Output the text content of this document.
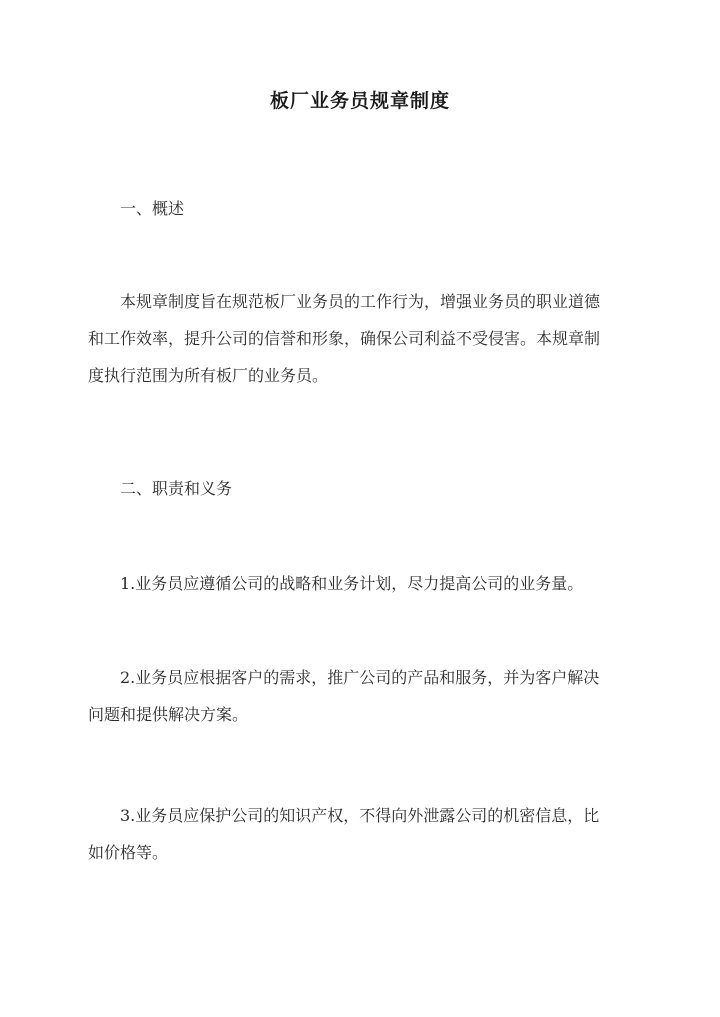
板厂业务员规章制度
一、概述
本规章制度旨在规范板厂业务员的工作行为，增强业务员的职业道德
和工作效率，提升公司的信誉和形象，确保公司利益不受侵害。本规章制
度执行范围为所有板厂的业务员。
二、职责和义务
1.业务员应遵循公司的战略和业务计划，尽力提高公司的业务量。
2.业务员应根据客户的需求，推广公司的产品和服务，并为客户解决
问题和提供解决方案。
3.业务员应保护公司的知识产权，不得向外泄露公司的机密信息，比
如价格等。
